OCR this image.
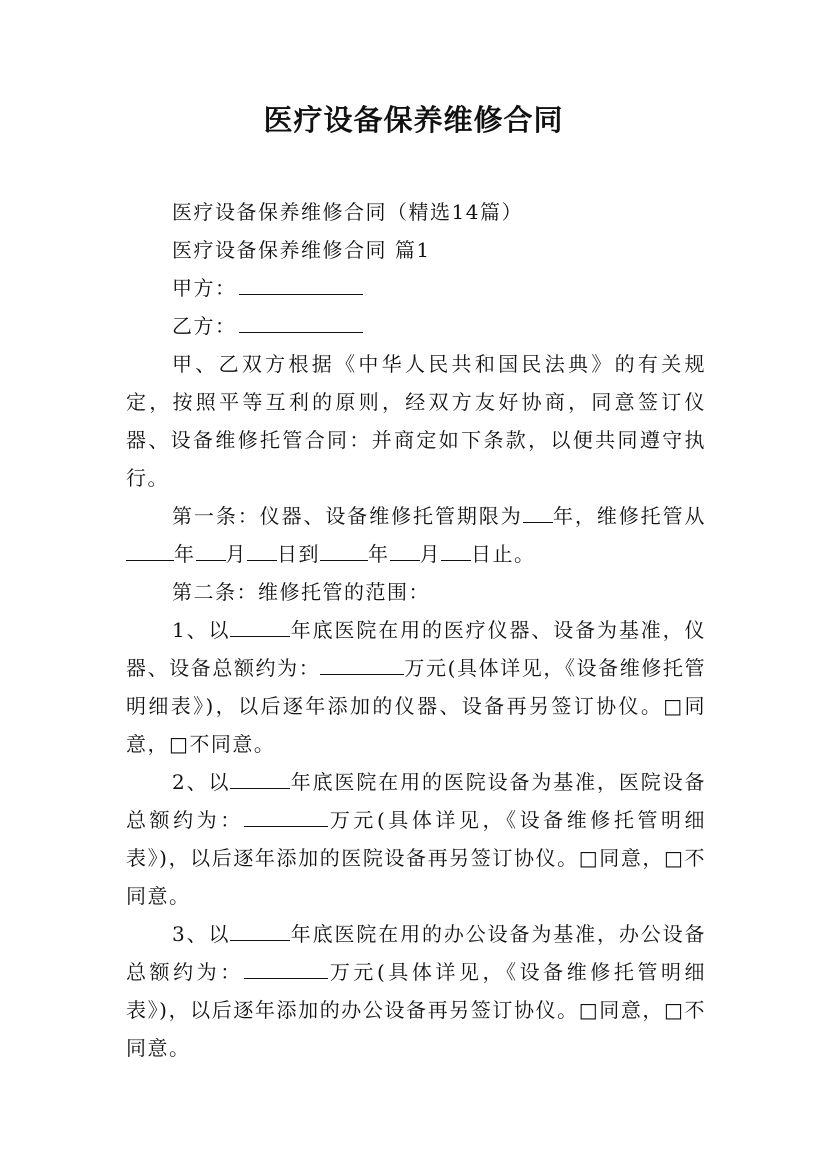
医疗设备保养维修合同

医疗设备保养维修合同（精选14篇）

医疗设备保养维修合同 篇1

甲方：

乙方：

甲、乙双方根据《中华人民共和国民法典》的有关规定，按照平等互利的原则，经双方友好协商，同意签订仪器、设备维修托管合同：并商定如下条款，以便共同遵守执行。

第一条：仪器、设备维修托管期限为 年，维修托管从年 月 日到 年 月 日止。

第二条：维修托管的范围：

1、以	年底医院在用的医疗仪器、设备为基准，仪器、设备总额约为：	万元(具体详见，《设备维修托管明细表》)，以后逐年添加的仪器、设备再另签订协仪。□同意，□不同意。

2、以	年底医院在用的医院设备为基准，医院设备总额约为：	万元(具体详见，《设备维修托管明细表》)，以后逐年添加的医院设备再另签订协仪。□同意，□不同意。

3、以	年底医院在用的办公设备为基准，办公设备总额约为：	万元(具体详见，《设备维修托管明细表》)，以后逐年添加的办公设备再另签订协仪。□同意，□不同意。
